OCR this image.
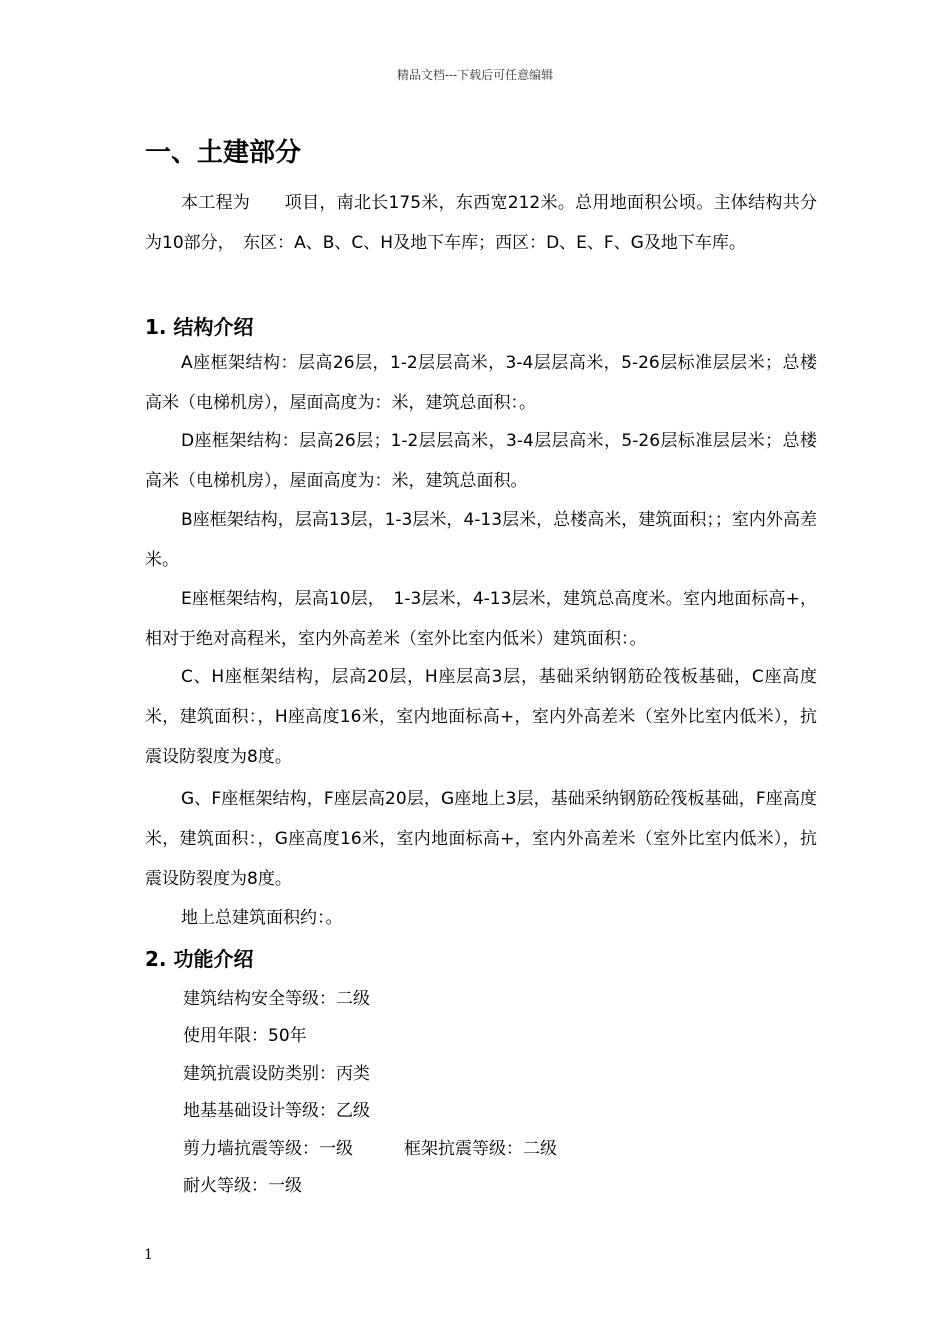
精品文档---下载后可任意编辑
一、土建部分
本工程为　　项目，南北长175米，东西宽212米。总用地面积公顷。主体结构共分为10部分，　东区：A、B、C、H及地下车库；西区：D、E、F、G及地下车库。
1. 结构介绍
A座框架结构：层高26层，1-2层层高米，3-4层层高米，5-26层标准层层米；总楼高米（电梯机房），屋面高度为：米，建筑总面积：。
D座框架结构：层高26层；1-2层层高米，3-4层层高米，5-26层标准层层米；总楼高米（电梯机房），屋面高度为：米，建筑总面积。
B座框架结构，层高13层，1-3层米，4-13层米，总楼高米，建筑面积；；室内外高差米。
E座框架结构，层高10层，　1-3层米，4-13层米，建筑总高度米。室内地面标高+，相对于绝对高程米，室内外高差米（室外比室内低米）建筑面积：。
C、H座框架结构，层高20层，H座层高3层，基础采纳钢筋砼筏板基础，C座高度米，建筑面积：，H座高度16米，室内地面标高+，室内外高差米（室外比室内低米），抗震设防裂度为8度。
G、F座框架结构，F座层高20层，G座地上3层，基础采纳钢筋砼筏板基础，F座高度米，建筑面积：，G座高度16米，室内地面标高+，室内外高差米（室外比室内低米），抗震设防裂度为8度。
地上总建筑面积约：。
2. 功能介绍
建筑结构安全等级：二级
使用年限：50年
建筑抗震设防类别：丙类
地基基础设计等级：乙级
剪力墙抗震等级：一级　　　框架抗震等级：二级
耐火等级：一级
1
